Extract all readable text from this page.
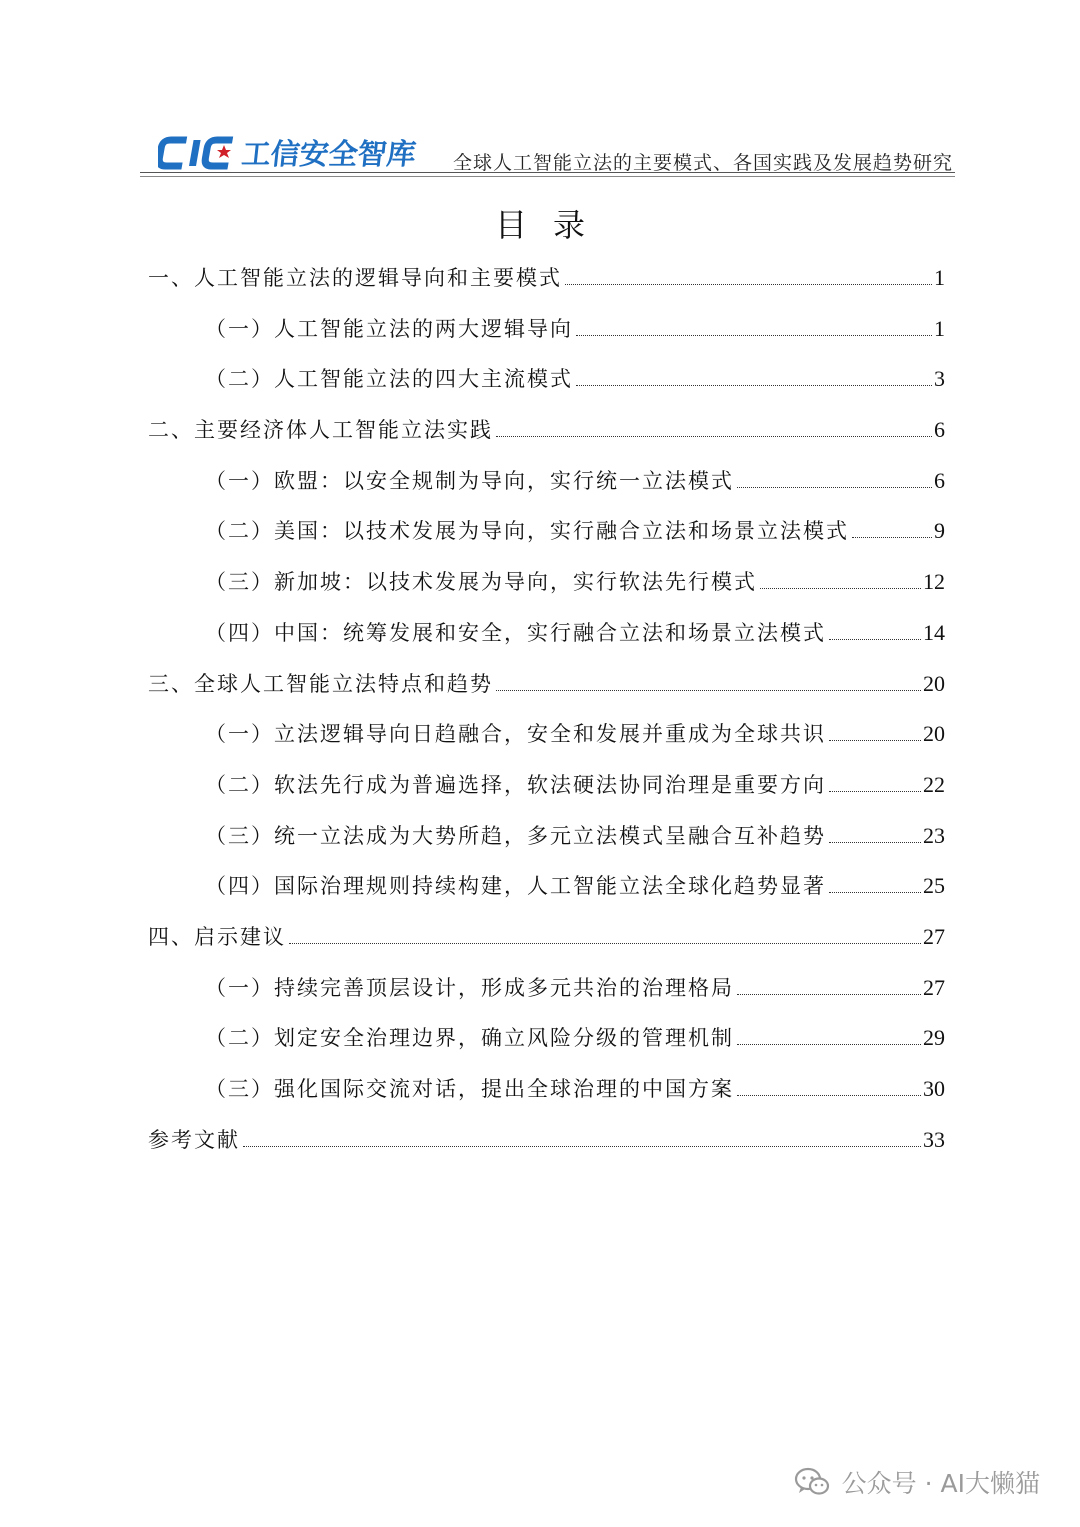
工信安全智库 全球人工智能立法的主要模式、各国实践及发展趋势研究
目录
一、人工智能立法的逻辑导向和主要模式	1
（一）人工智能立法的两大逻辑导向	1
（二）人工智能立法的四大主流模式	3
二、主要经济体人工智能立法实践	6
（一）欧盟：以安全规制为导向，实行统一立法模式	6
（二）美国：以技术发展为导向，实行融合立法和场景立法模式	9
（三）新加坡：以技术发展为导向，实行软法先行模式	12
（四）中国：统筹发展和安全，实行融合立法和场景立法模式	14
三、全球人工智能立法特点和趋势	20
（一）立法逻辑导向日趋融合，安全和发展并重成为全球共识	20
（二）软法先行成为普遍选择，软法硬法协同治理是重要方向	22
（三）统一立法成为大势所趋，多元立法模式呈融合互补趋势	23
（四）国际治理规则持续构建，人工智能立法全球化趋势显著	25
四、启示建议	27
（一）持续完善顶层设计，形成多元共治的治理格局	27
（二）划定安全治理边界，确立风险分级的管理机制	29
（三）强化国际交流对话，提出全球治理的中国方案	30
参考文献	33
公众号 · AI大懒猫
